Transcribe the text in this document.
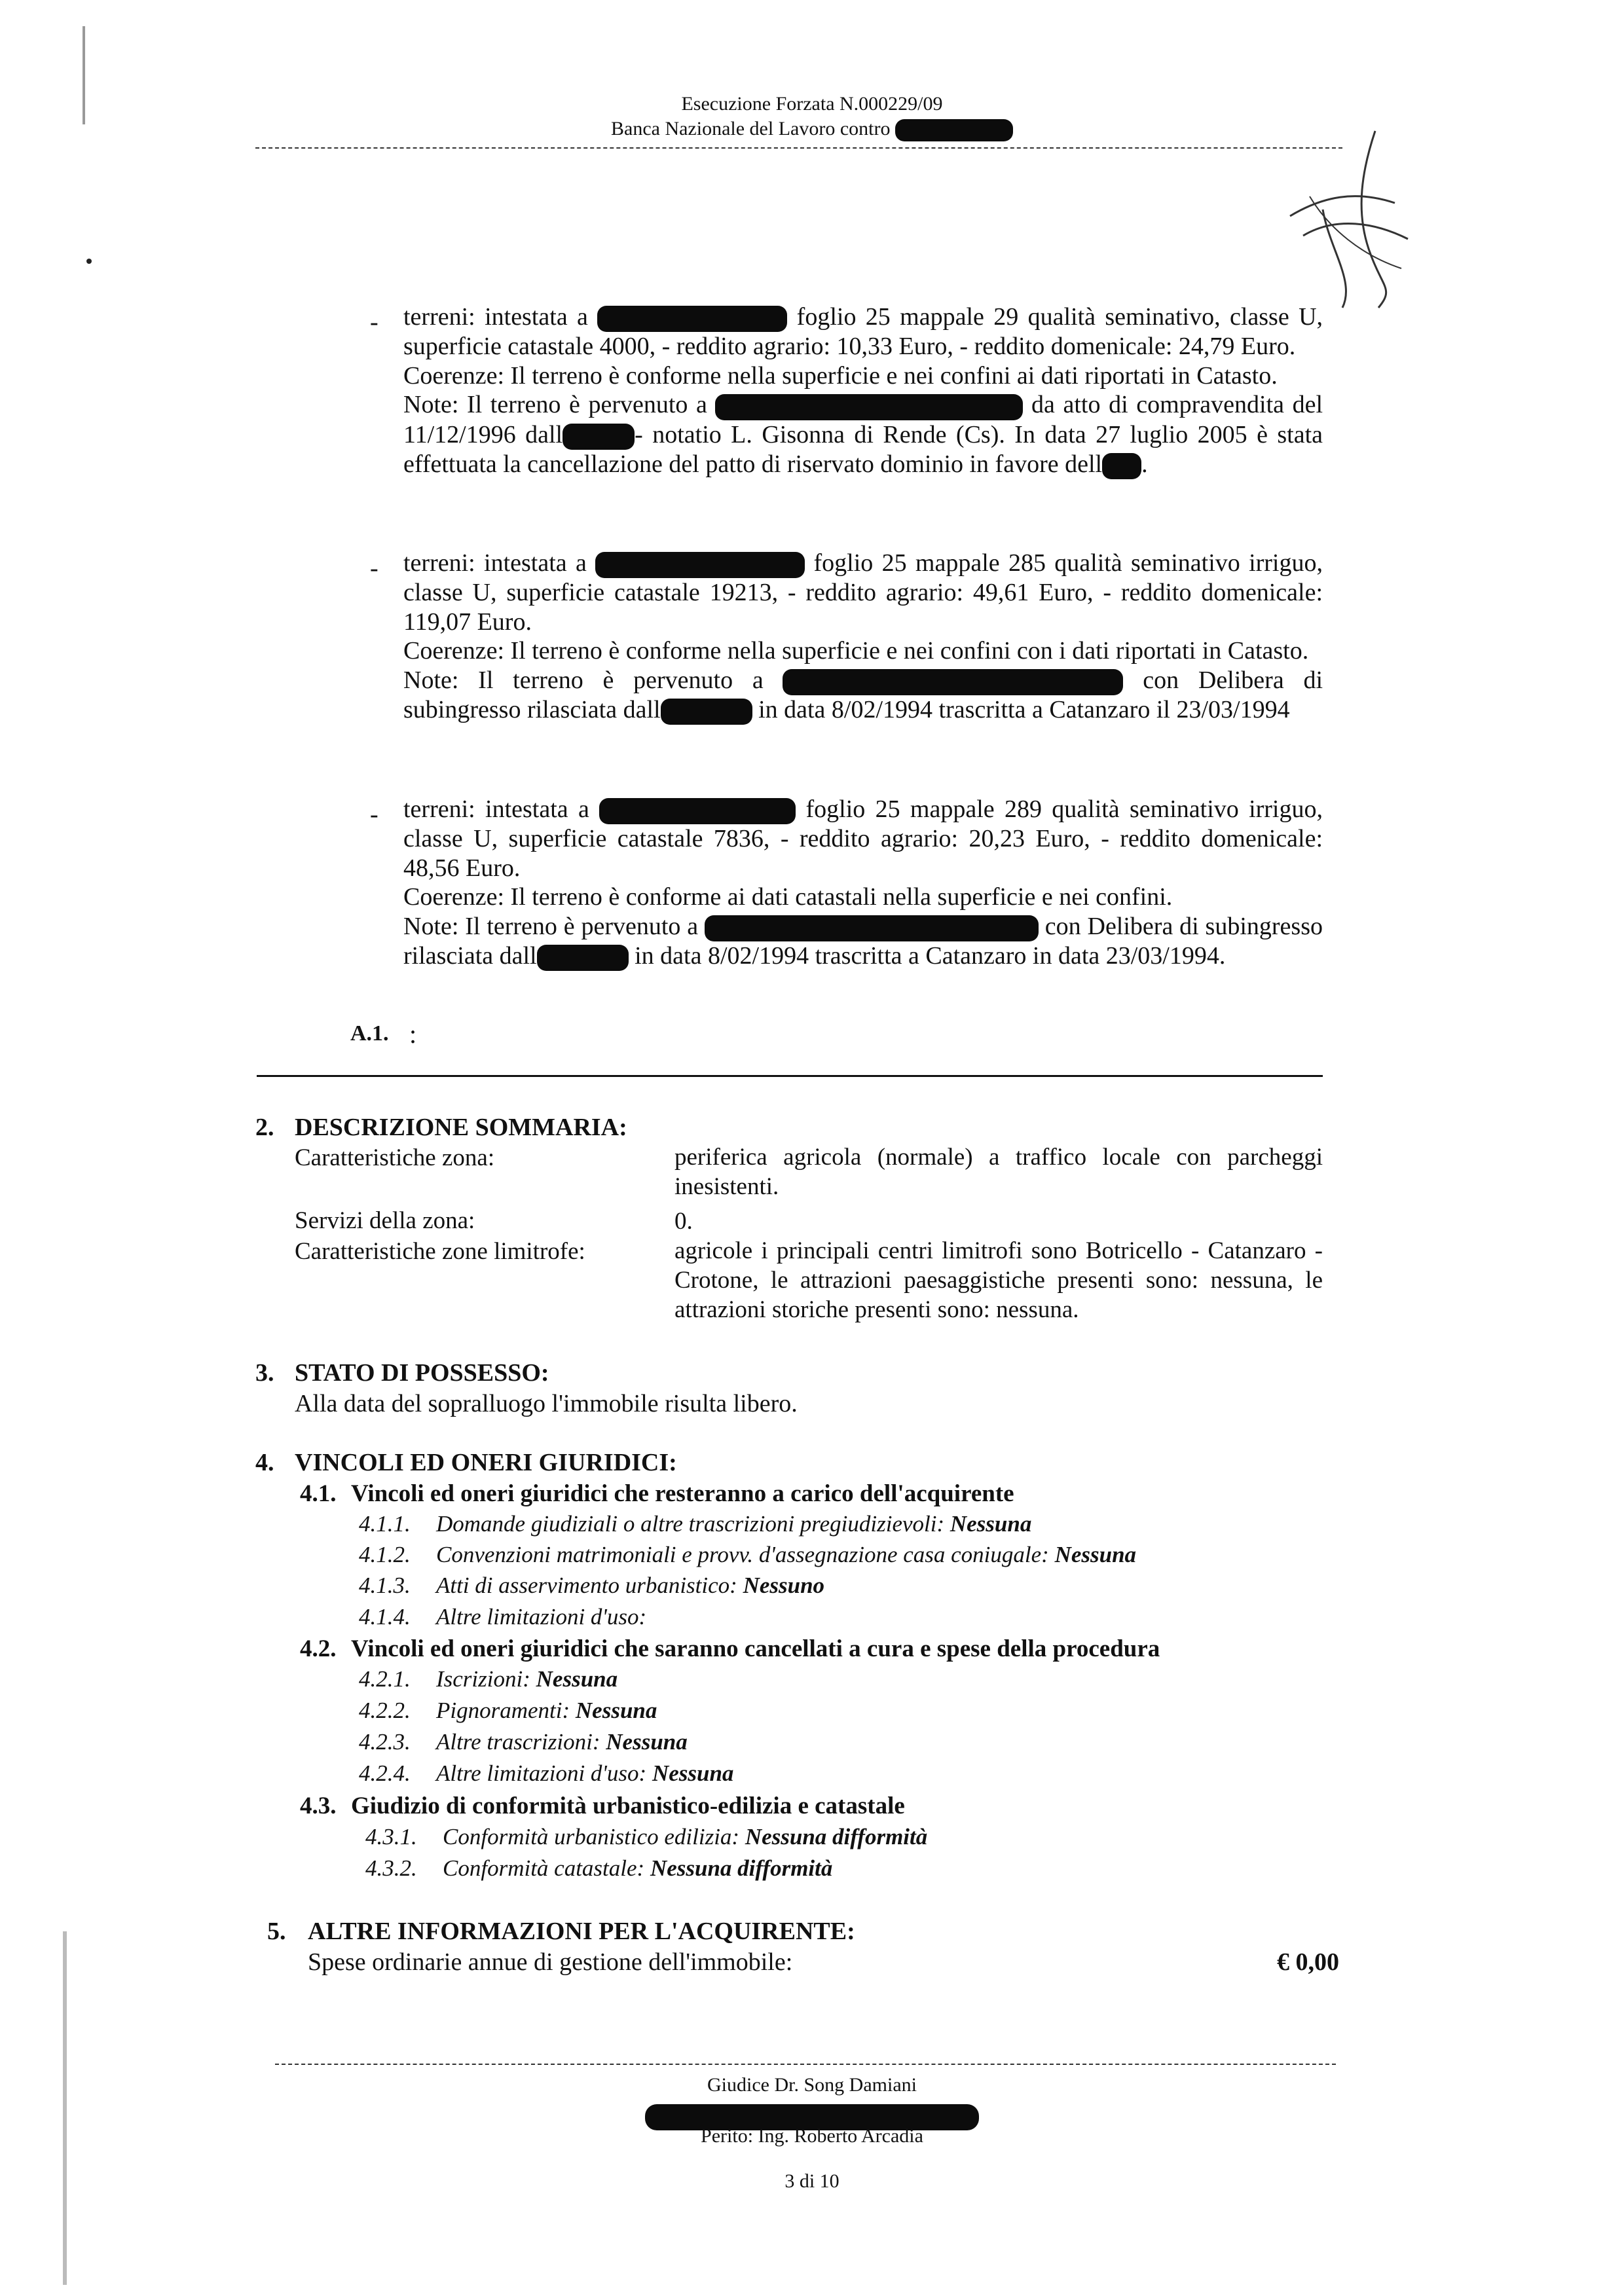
Esecuzione Forzata N.000229/09
Banca Nazionale del Lavoro contro
- terreni: intestata a	foglio 25 mappale 29 qualità seminativo, classe U, superficie catastale 4000, - reddito agrario: 10,33 Euro, - reddito domenicale: 24,79 Euro.

Coerenze: Il terreno è conforme nella superficie e nei confini ai dati riportati in Catasto.

Note: Il terreno è pervenuto a	da atto di compravendita del 11/12/1996 dall	- notatio L. Gisonna di Rende (Cs). In data 27 luglio 2005 è stata effettuata la cancellazione del patto di riservato dominio in favore dell .

- terreni: intestata a	foglio 25 mappale 285 qualità seminativo irriguo, classe U, superficie catastale 19213, - reddito agrario: 49,61 Euro, - reddito domenicale: 119,07 Euro.

Coerenze: Il terreno è conforme nella superficie e nei confini con i dati riportati in Catasto.

Note: Il terreno è pervenuto a	con Delibera di subingresso rilasciata dall	in data 8/02/1994 trascritta a Catanzaro il 23/03/1994

- terreni: intestata a	foglio 25 mappale 289 qualità seminativo irriguo, classe U, superficie catastale 7836, - reddito agrario: 20,23 Euro, - reddito domenicale: 48,56 Euro.

Coerenze: Il terreno è conforme ai dati catastali nella superficie e nei confini.

Note: Il terreno è pervenuto a	con Delibera di subingresso rilasciata dall	in data 8/02/1994 trascritta a Catanzaro in data 23/03/1994.

A.1. :
2. DESCRIZIONE SOMMARIA:
Caratteristiche zona:	periferica agricola (normale) a traffico locale con parcheggi inesistenti.
Servizi della zona:	0.
Caratteristiche zone limitrofe:	agricole i principali centri limitrofi sono Botricello - Catanzaro - Crotone, le attrazioni paesaggistiche presenti sono: nessuna, le attrazioni storiche presenti sono: nessuna.
3. STATO DI POSSESSO:
Alla data del sopralluogo l'immobile risulta libero.
4. VINCOLI ED ONERI GIURIDICI:
4.1. Vincoli ed oneri giuridici che resteranno a carico dell'acquirente
4.1.1. Domande giudiziali o altre trascrizioni pregiudizievoli: Nessuna
4.1.2. Convenzioni matrimoniali e provv. d'assegnazione casa coniugale: Nessuna
4.1.3. Atti di asservimento urbanistico: Nessuno
4.1.4. Altre limitazioni d'uso:
4.2. Vincoli ed oneri giuridici che saranno cancellati a cura e spese della procedura
4.2.1. Iscrizioni: Nessuna
4.2.2. Pignoramenti: Nessuna
4.2.3. Altre trascrizioni: Nessuna
4.2.4. Altre limitazioni d'uso: Nessuna
4.3. Giudizio di conformità urbanistico-edilizia e catastale
4.3.1. Conformità urbanistico edilizia: Nessuna difformità
4.3.2. Conformità catastale: Nessuna difformità
5. ALTRE INFORMAZIONI PER L'ACQUIRENTE:
Spese ordinarie annue di gestione dell'immobile:	€ 0,00
Giudice Dr. Song Damiani
Perito: Ing. Roberto Arcadia
3 di 10
